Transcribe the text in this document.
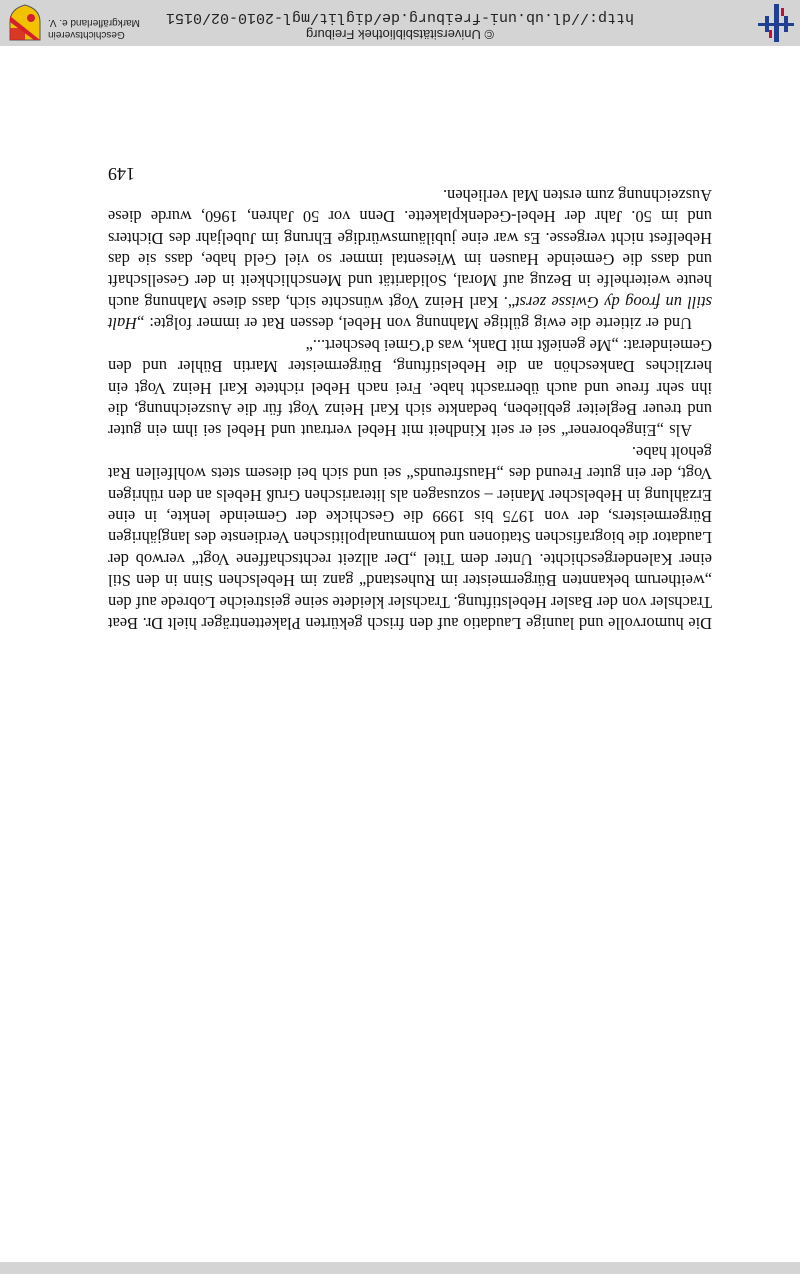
Die humorvolle und launige Laudatio auf den frisch gekürten Plakettenträger hielt Dr. Beat Trachsler von der Basler Hebelstiftung. Trachsler kleidete seine geistreiche Lobrede auf den „weitherum bekannten Bürgermeister im Ruhestand“ ganz im Hebelschen Sinn in den Stil einer Kalendergeschichte. Unter dem Titel „Der allzeit rechtschaffene Vogt“ verwob der Laudator die biografischen Stationen und kommunalpolitischen Verdienste des langjährigen Bürgermeisters, der von 1975 bis 1999 die Geschicke der Gemeinde lenkte, in eine Erzählung in Hebelscher Manier – sozusagen als literarischen Gruß Hebels an den rührigen Vogt, der ein guter Freund des „Hausfreunds“ sei und sich bei diesem stets wohlfeilen Rat geholt habe.

Als „Eingeborener“ sei er seit Kindheit mit Hebel vertraut und Hebel sei ihm ein guter und treuer Begleiter geblieben, bedankte sich Karl Heinz Vogt für die Auszeichnung, die ihn sehr freue und auch überrascht habe. Frei nach Hebel richtete Karl Heinz Vogt ein herzliches Dankeschön an die Hebelstiftung, Bürgermeister Martin Bühler und den Gemeinderat: „Me genießt mit Dank, was d’Gmei beschert...“

Und er zitierte die ewig gültige Mahnung von Hebel, dessen Rat er immer folgte: „Halt still un froog dy Gwisse zerst“. Karl Heinz Vogt wünschte sich, dass diese Mahnung auch heute weiterhelfe in Bezug auf Moral, Solidarität und Menschlichkeit in der Gesellschaft und dass die Gemeinde Hausen im Wiesental immer so viel Geld habe, dass sie das Hebelfest nicht vergesse. Es war eine jubiläumswürdige Ehrung im Jubeljahr des Dichters und im 50. Jahr der Hebel-Gedenkplakette. Denn vor 50 Jahren, 1960, wurde diese Auszeichnung zum ersten Mal verliehen.

149
© Universitätsbibliothek Freiburg
http://dl.ub.uni-freiburg.de/diglit/mgl-2010-02/0151
Geschichtsverein
Markgräflerland e. V.
